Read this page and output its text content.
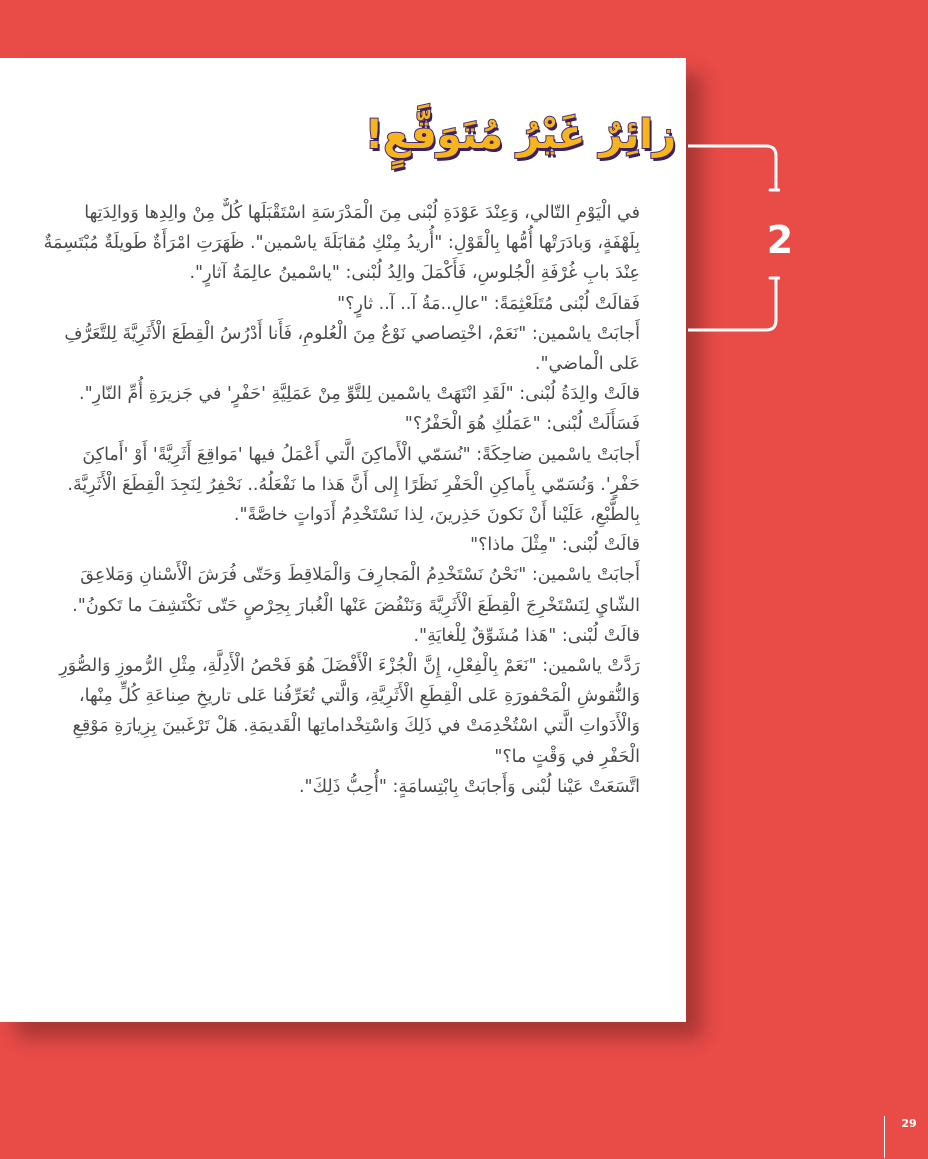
زائِرٌ غَيْرُ مُتَوَقَّعٍ!

في الْيَوْمِ التّالي، وَعِنْدَ عَوْدَةِ لُبْنى مِنَ الْمَدْرَسَةِ اسْتَقْبَلَها كُلٌّ مِنْ والِدِها وَوالِدَتِها بِلَهْفَةٍ، وَبادَرَتْها أُمُّها بِالْقَوْلِ: "أُريدُ مِنْكِ مُقابَلَةَ ياسْمين". ظَهَرَتِ امْرَأَةٌ طَويلَةٌ مُبْتَسِمَةٌ عِنْدَ بابِ غُرْفَةِ الْجُلوسِ، فَأَكْمَلَ والِدُ لُبْنى: "ياسْمينُ عالِمَةُ آثارٍ".

فَقالَتْ لُبْنى مُتَلَعْثِمَةً: "عالِ..مَةُ آ.. آ.. ثارٍ؟"

أَجابَتْ ياسْمين: "نَعَمْ، اخْتِصاصي نَوْعٌ مِنَ الْعُلومِ، فَأَنا أَدْرُسُ الْقِطَعَ الْأَثَرِيَّةَ لِلتَّعَرُّفِ عَلى الْماضي".

قالَتْ والِدَةُ لُبْنى: "لَقَدِ انْتَهَتْ ياسْمين لِلتَّوِّ مِنْ عَمَلِيَّةِ 'حَفْرٍ' في جَزيرَةِ أُمِّ النّارِ".

فَسَأَلَتْ لُبْنى: "عَمَلُكِ هُوَ الْحَفْرُ؟"

أَجابَتْ ياسْمين ضاحِكَةً: "نُسَمّي الْأَماكِنَ الَّتي أَعْمَلُ فيها 'مَواقِعَ أَثَرِيَّةً' أَوْ 'أَماكِنَ حَفْرٍ'. وَنُسَمّي بِأَماكِنِ الْحَفْرِ نَظَرًا إِلى أَنَّ هَذا ما نَفْعَلُهُ.. نَحْفِرُ لِنَجِدَ الْقِطَعَ الْأَثَرِيَّةَ. بِالطَّبْعِ، عَلَيْنا أَنْ نَكونَ حَذِرينَ، لِذا نَسْتَخْدِمُ أَدَواتٍ خاصَّةً".

قالَتْ لُبْنى: "مِثْلَ ماذا؟"

أَجابَتْ ياسْمين: "نَحْنُ نَسْتَخْدِمُ الْمَجارِفَ وَالْمَلاقِطَ وَحَتّى فُرَشَ الْأَسْنانِ وَمَلاعِقَ الشّايِ لِنَسْتَخْرِجَ الْقِطَعَ الْأَثَرِيَّةَ وَنَنْفُضَ عَنْها الْغُبارَ بِحِرْصٍ حَتّى نَكْتَشِفَ ما تَكونُ".

قالَتْ لُبْنى: "هَذا مُشَوِّقٌ لِلْغايَةِ".

رَدَّتْ ياسْمين: "نَعَمْ بِالْفِعْلِ، إِنَّ الْجُزْءَ الْأَفْضَلَ هُوَ فَحْصُ الْأَدِلَّةِ، مِثْلِ الرُّموزِ وَالصُّوَرِ وَالنُّقوشِ الْمَحْفورَةِ عَلى الْقِطَعِ الْأَثَرِيَّةِ، وَالَّتي تُعَرِّفُنا عَلى تاريخِ صِناعَةِ كُلٍّ مِنْها، وَالْأَدَواتِ الَّتي اسْتُخْدِمَتْ في ذَلِكَ وَاسْتِخْداماتِها الْقَديمَةِ. هَلْ تَرْغَبينَ بِزِيارَةِ مَوْقِعِ الْحَفْرِ في وَقْتٍ ما؟"

اتَّسَعَتْ عَيْنا لُبْنى وَأَجابَتْ بِابْتِسامَةٍ: "أُحِبُّ ذَلِكَ".

2

29
